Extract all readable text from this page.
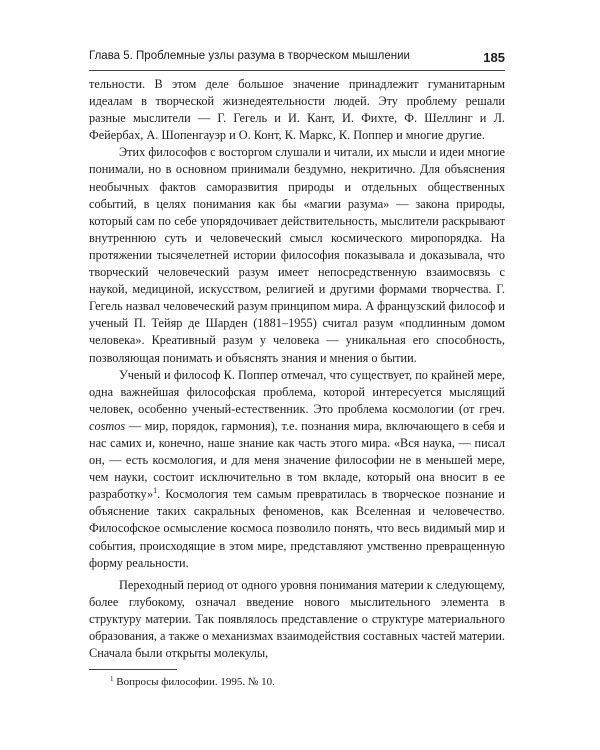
Глава 5. Проблемные узлы разума в творческом мышлении	185

тельности. В этом деле большое значение принадлежит гуманитарным идеалам в творческой жизнедеятельности людей. Эту проблему решали разные мыслители — Г. Гегель и И. Кант, И. Фихте, Ф. Шеллинг и Л. Фейербах, А. Шопенгауэр и О. Конт, К. Маркс, К. Поппер и многие другие.

Этих философов с восторгом слушали и читали, их мысли и идеи многие понимали, но в основном принимали бездумно, некритично. Для объяснения необычных фактов саморазвития природы и отдельных общественных событий, в целях понимания как бы «магии разума» — закона природы, который сам по себе упорядочивает действительность, мыслители раскрывают внутреннюю суть и человеческий смысл космического миропорядка. На протяжении тысячелетней истории философия показывала и доказывала, что творческий человеческий разум имеет непосредственную взаимосвязь с наукой, медициной, искусством, религией и другими формами творчества. Г. Гегель назвал человеческий разум принципом мира. А французский философ и ученый П. Тейяр де Шарден (1881–1955) считал разум «подлинным домом человека». Креативный разум у человека — уникальная его способность, позволяющая понимать и объяснять знания и мнения о бытии.

Ученый и философ К. Поппер отмечал, что существует, по крайней мере, одна важнейшая философская проблема, которой интересуется мыслящий человек, особенно ученый-естественник. Это проблема космологии (от греч. cosmos — мир, порядок, гармония), т.е. познания мира, включающего в себя и нас самих и, конечно, наше знание как часть этого мира. «Вся наука, — писал он, — есть космология, и для меня значение философии не в меньшей мере, чем науки, состоит исключительно в том вкладе, который она вносит в ее разработку»$^1$. Космология тем самым превратилась в творческое познание и объяснение таких сакральных феноменов, как Вселенная и человечество. Философское осмысление космоса позволило понять, что весь видимый мир и события, происходящие в этом мире, представляют умственно превращенную форму реальности.

Переходный период от одного уровня понимания материи к следующему, более глубокому, означал введение нового мыслительного элемента в структуру материи. Так появлялось представление о структуре материального образования, а также о механизмах взаимодействия составных частей материи. Сначала были открыты молекулы,

$^1$ Вопросы философии. 1995. № 10.
